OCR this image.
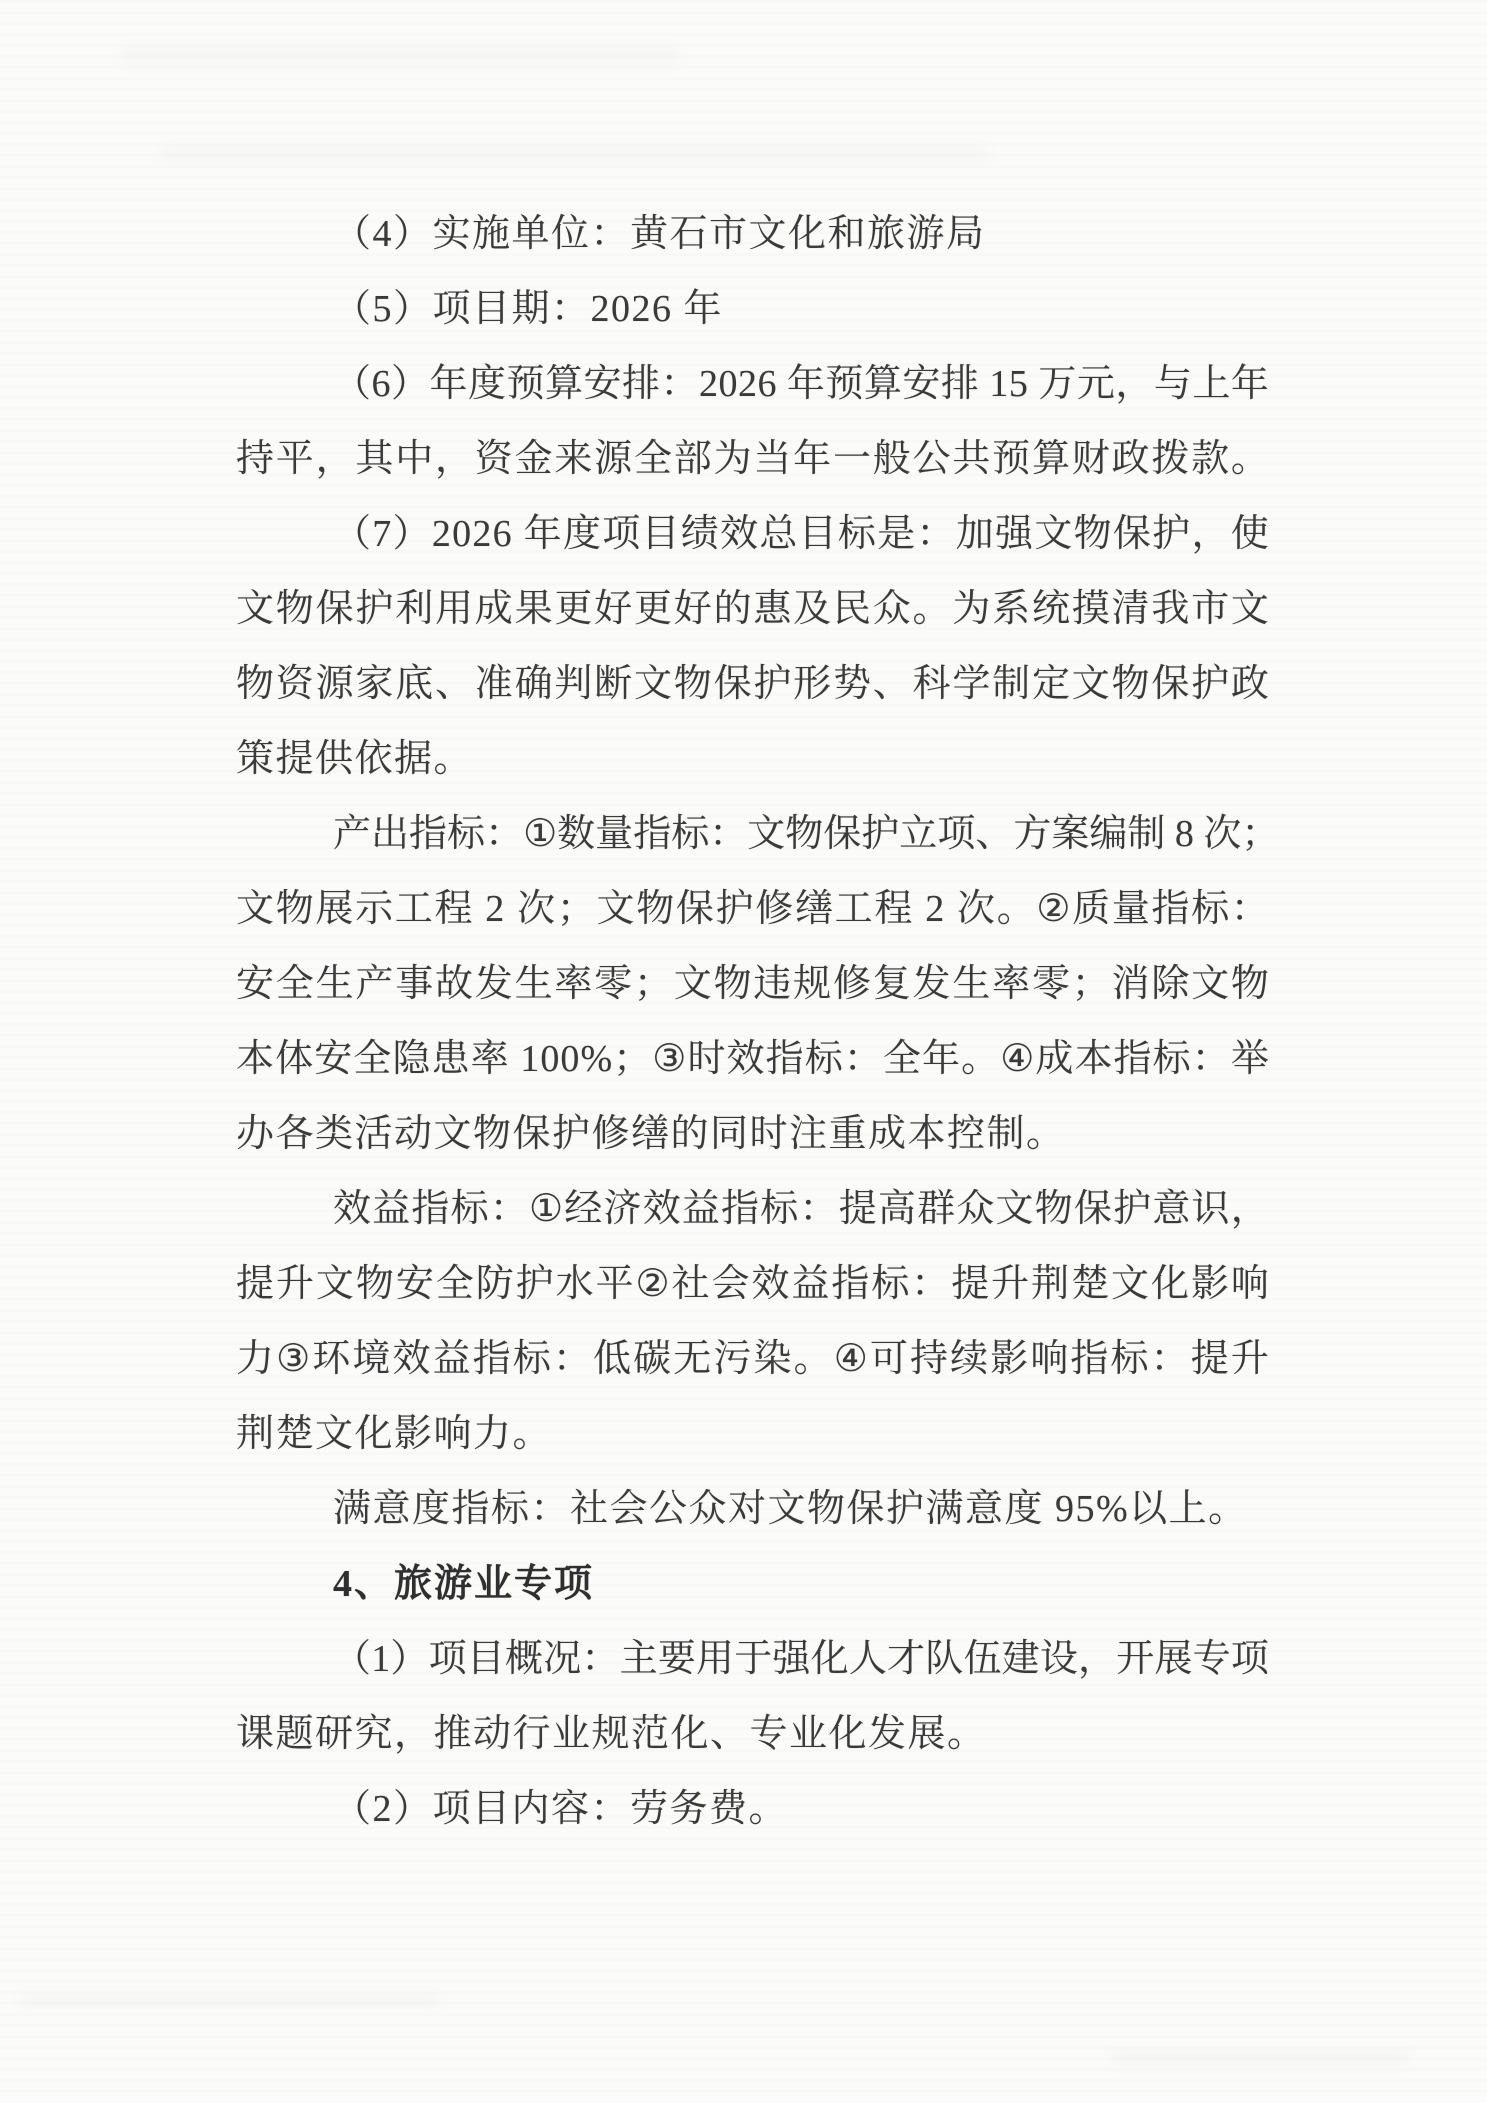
（4）实施单位：黄石市文化和旅游局
（5）项目期：2026 年
（ 6 ） 年 度 预 算 安 排 ： 2 0 2 6
年 预 算 安 排
1 5
万 元 ， 与 上 年
持 平 ， 其 中 ， 资 金 来 源 全 部 为 当 年 一 般 公 共 预 算 财 政 拨 款 。
（ 7 ） 2 0 2 6
年 度 项 目 绩 效 总 目 标 是 ： 加 强 文 物 保 护 ， 使
文 物 保 护 利 用 成 果 更 好 更 好 的 惠 及 民 众 。 为 系 统 摸 清 我 市 文
物 资 源 家 底 、 准 确 判 断 文 物 保 护 形 势 、 科 学 制 定 文 物 保 护 政
策提供依据。
产 出 指 标 ： ① 数 量 指 标 ： 文 物 保 护 立 项 、 方 案 编 制
8
次 ；
文 物 展 示 工 程
2
次 ； 文 物 保 护 修 缮 工 程
2
次 。 ② 质 量 指 标 ：
安 全 生 产 事 故 发 生 率 零 ； 文 物 违 规 修 复 发 生 率 零 ； 消 除 文 物
本 体 安 全 隐 患 率
1 0 0 % ； ③ 时 效 指 标 ： 全 年 。 ④ 成 本 指 标 ： 举
办各类活动文物保护修缮的同时注重成本控制。
效 益 指 标 ： ① 经 济 效 益 指 标 ： 提 高 群 众 文 物 保 护 意 识 ，
提 升 文 物 安 全 防 护 水 平 ② 社 会 效 益 指 标 ： 提 升 荆 楚 文 化 影 响
力 ③ 环 境 效 益 指 标 ： 低 碳 无 污 染 。 ④ 可 持 续 影 响 指 标 ： 提 升
荆楚文化影响力。
满意度指标：社会公众对文物保护满意度 95%以上。
4、旅游业专项
（ 1 ） 项 目 概 况 ： 主 要 用 于 强 化 人 才 队 伍 建 设 ， 开 展 专 项
课题研究，推动行业规范化、专业化发展。
（2）项目内容：劳务费。
